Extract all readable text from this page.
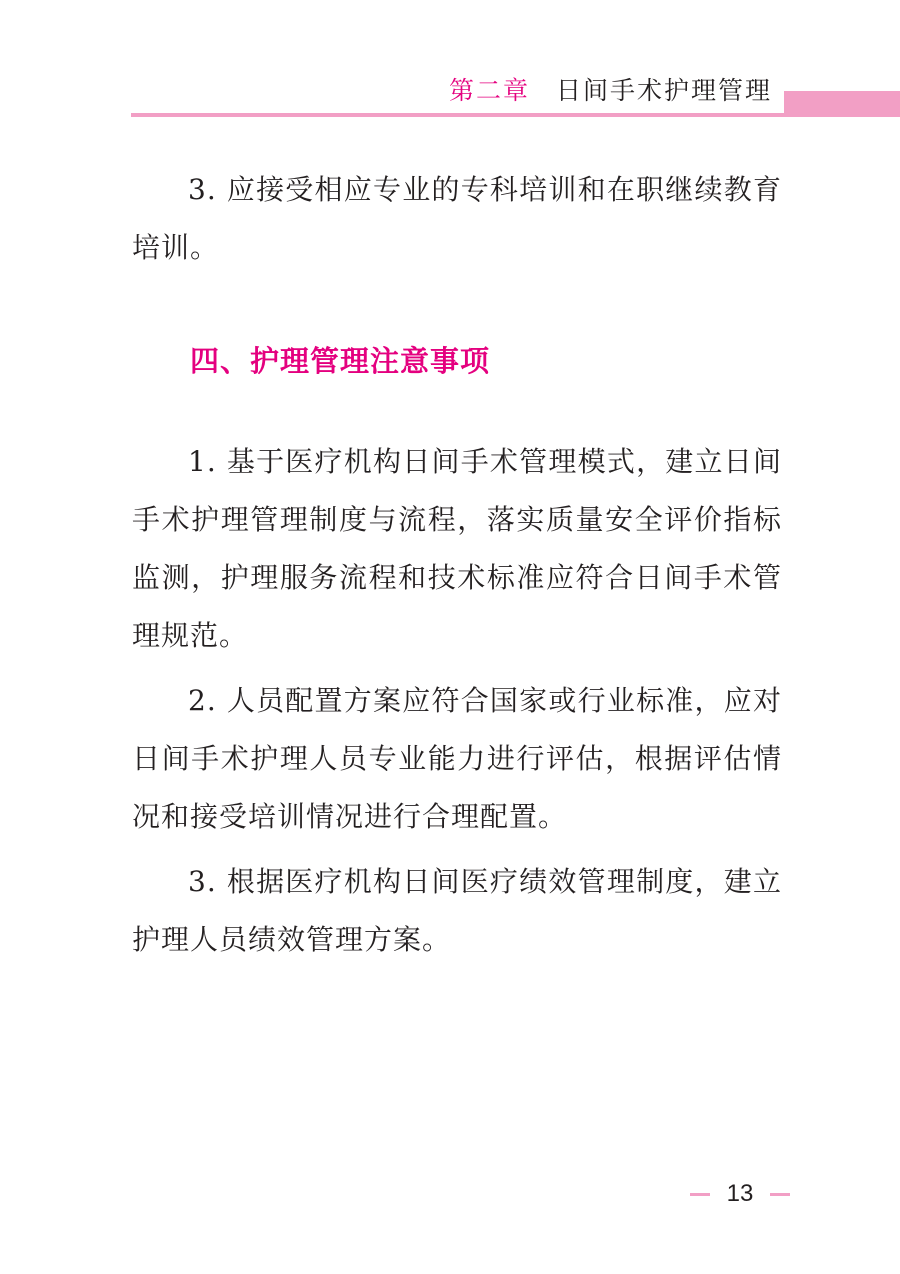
第二章 日间手术护理管理

3. 应接受相应专业的专科培训和在职继续教育培训。

四、护理管理注意事项

1. 基于医疗机构日间手术管理模式，建立日间手术护理管理制度与流程，落实质量安全评价指标监测，护理服务流程和技术标准应符合日间手术管理规范。

2. 人员配置方案应符合国家或行业标准，应对日间手术护理人员专业能力进行评估，根据评估情况和接受培训情况进行合理配置。

3. 根据医疗机构日间医疗绩效管理制度，建立护理人员绩效管理方案。

13
